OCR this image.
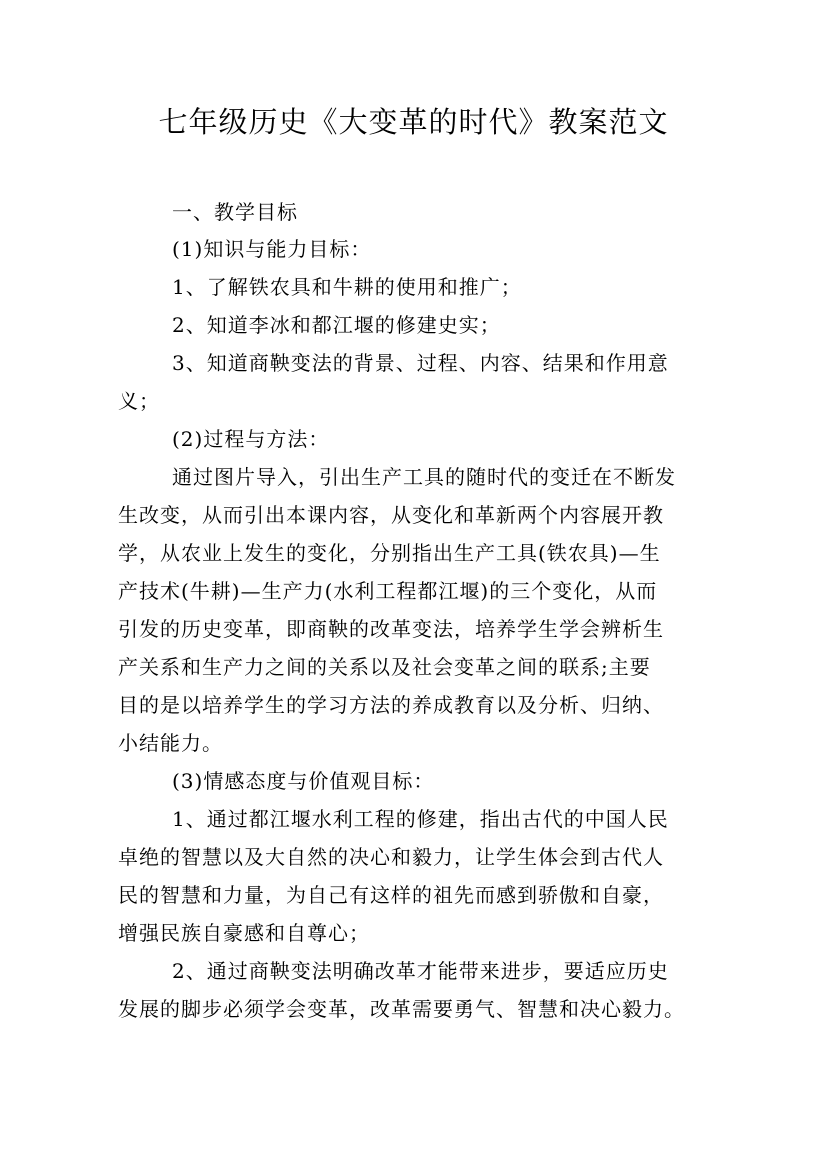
七年级历史《大变革的时代》教案范文
一、教学目标
(1)知识与能力目标：
1、了解铁农具和牛耕的使用和推广；
2、知道李冰和都江堰的修建史实；
3、知道商鞅变法的背景、过程、内容、结果和作用意
义；
(2)过程与方法：
通过图片导入，引出生产工具的随时代的变迁在不断发
生改变，从而引出本课内容，从变化和革新两个内容展开教
学，从农业上发生的变化，分别指出生产工具(铁农具)—生
产技术(牛耕)—生产力(水利工程都江堰)的三个变化，从而
引发的历史变革，即商鞅的改革变法，培养学生学会辨析生
产关系和生产力之间的关系以及社会变革之间的联系;主要
目的是以培养学生的学习方法的养成教育以及分析、归纳、
小结能力。
(3)情感态度与价值观目标：
1、通过都江堰水利工程的修建，指出古代的中国人民
卓绝的智慧以及大自然的决心和毅力，让学生体会到古代人
民的智慧和力量，为自己有这样的祖先而感到骄傲和自豪，
增强民族自豪感和自尊心；
2、通过商鞅变法明确改革才能带来进步，要适应历史
发展的脚步必须学会变革，改革需要勇气、智慧和决心毅力。
